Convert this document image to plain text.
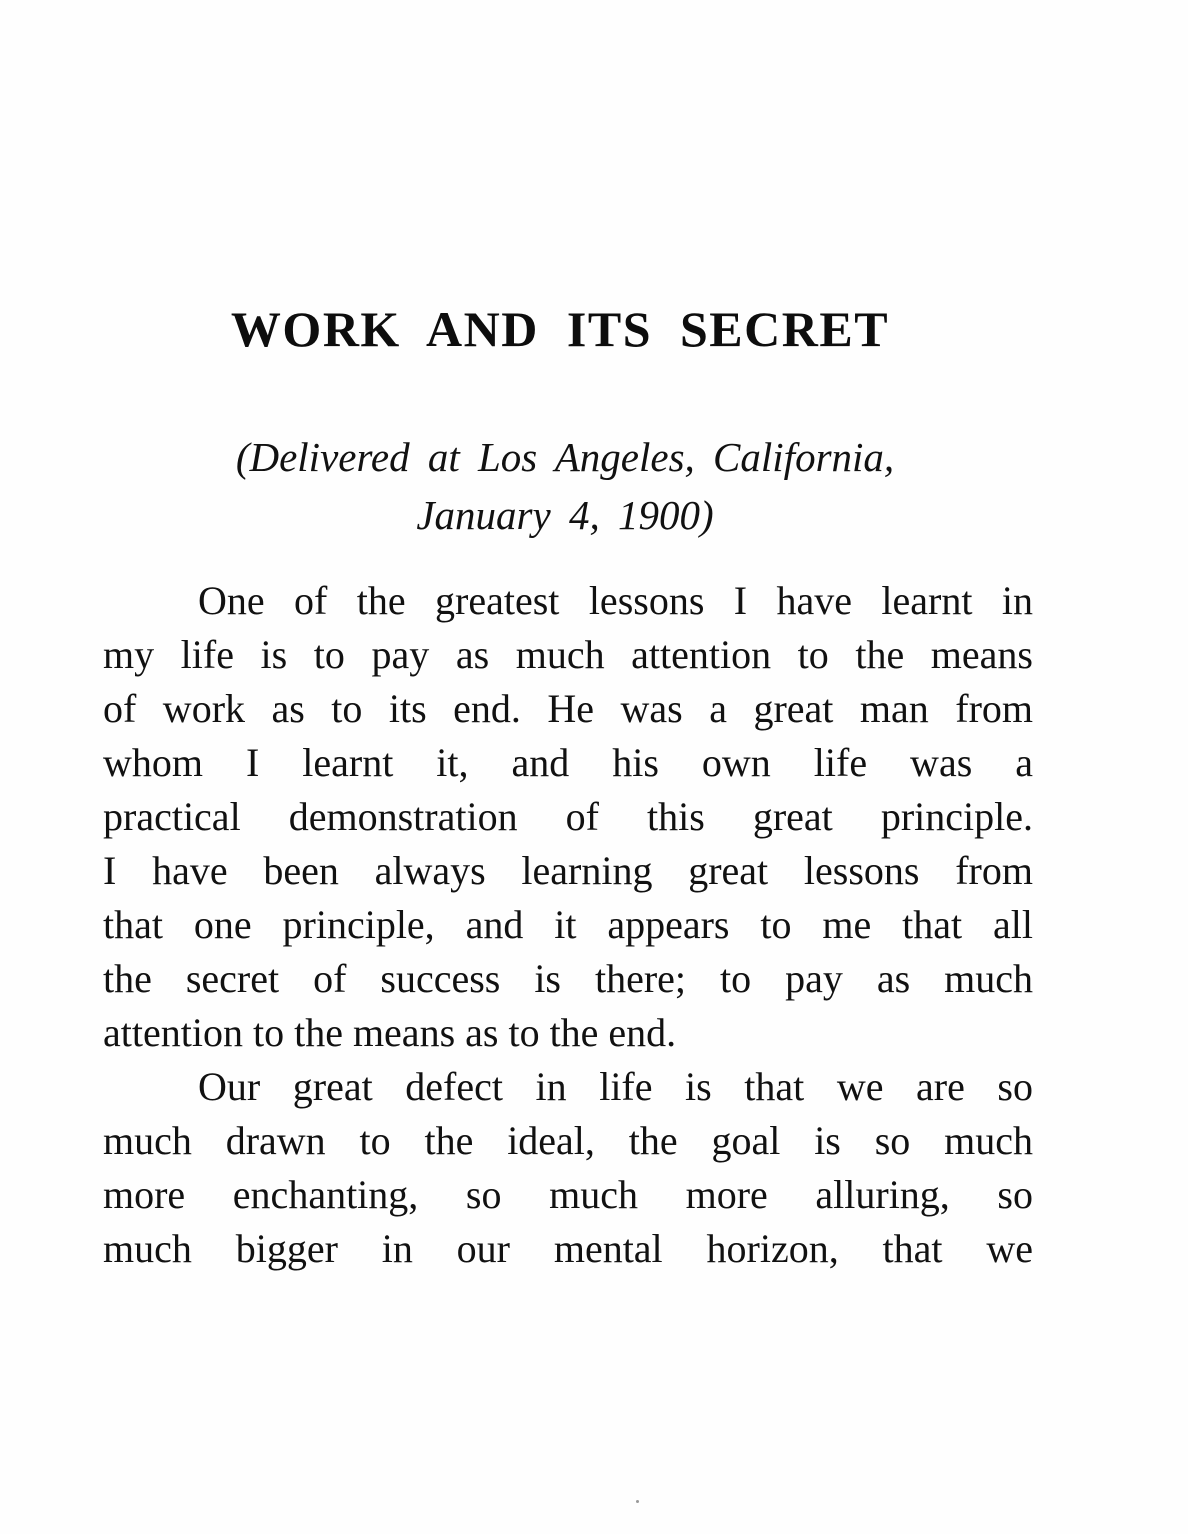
WORK AND ITS SECRET
(Delivered at Los Angeles, California,
January 4, 1900)
One of the greatest lessons I have learnt in
my life is to pay as much attention to the means
of work as to its end. He was a great man from
whom I learnt it, and his own life was a
practical demonstration of this great principle.
I have been always learning great lessons from
that one principle, and it appears to me that all
the secret of success is there; to pay as much
attention to the means as to the end.
Our great defect in life is that we are so
much drawn to the ideal, the goal is so much
more enchanting, so much more alluring, so
much bigger in our mental horizon, that we
